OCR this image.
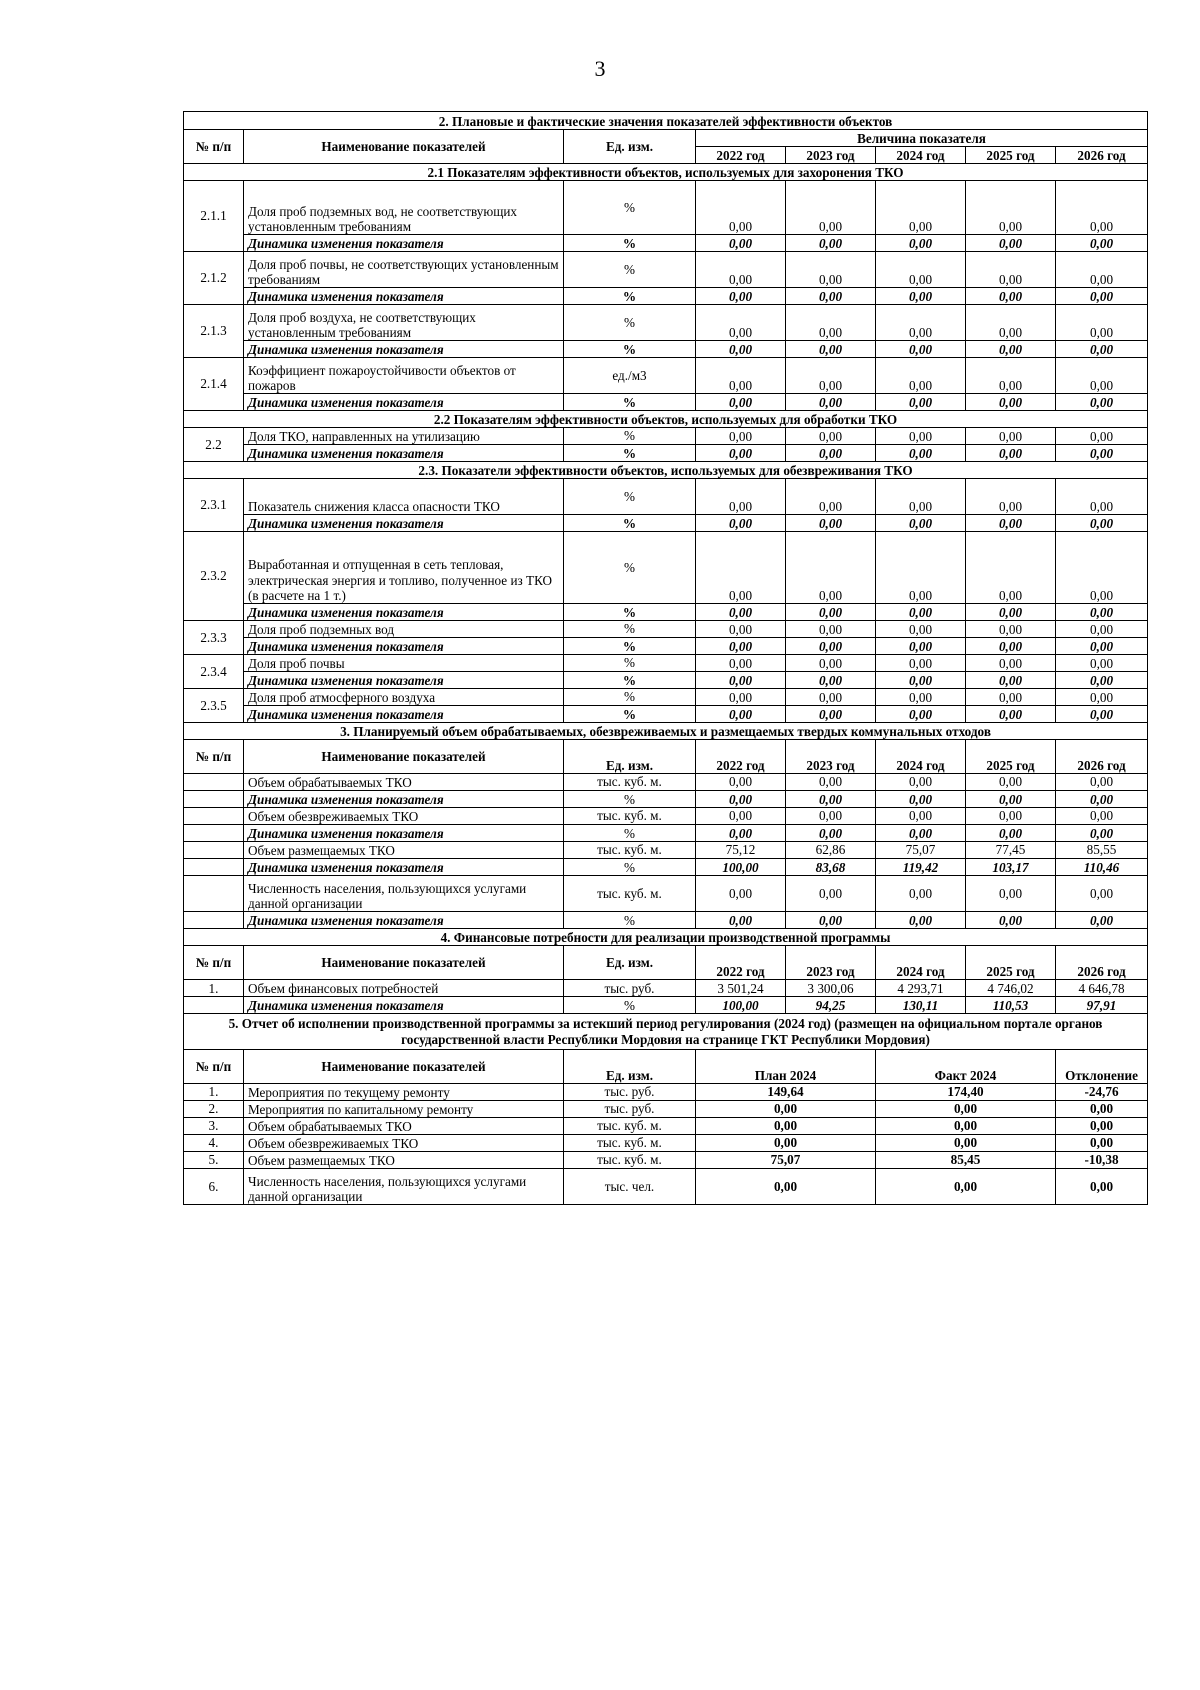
3
2. Плановые и фактические значения показателей эффективности объектов							
№ п/п	Наименование показателей	Ед. изм.	Величина показателя				
			2022 год	2023 год	2024 год	2025 год	2026 год
2.1 Показателям эффективности объектов, используемых для захоронения ТКО							
2.1.1	Доля проб подземных вод, не соответствующих установленным требованиям	%	0,00	0,00	0,00	0,00	0,00
	Динамика изменения показателя	%	0,00	0,00	0,00	0,00	0,00
2.1.2	Доля проб почвы, не соответствующих установленным требованиям	%	0,00	0,00	0,00	0,00	0,00
	Динамика изменения показателя	%	0,00	0,00	0,00	0,00	0,00
2.1.3	Доля проб воздуха, не соответствующих установленным требованиям	%	0,00	0,00	0,00	0,00	0,00
	Динамика изменения показателя	%	0,00	0,00	0,00	0,00	0,00
2.1.4	Коэффициент пожароустойчивости объектов от пожаров	ед./м3	0,00	0,00	0,00	0,00	0,00
	Динамика изменения показателя	%	0,00	0,00	0,00	0,00	0,00
2.2 Показателям эффективности объектов, используемых для обработки ТКО							
2.2	Доля ТКО, направленных на утилизацию	%	0,00	0,00	0,00	0,00	0,00
	Динамика изменения показателя	%	0,00	0,00	0,00	0,00	0,00
2.3. Показатели эффективности объектов, используемых для обезвреживания ТКО							
2.3.1	Показатель снижения класса опасности ТКО	%	0,00	0,00	0,00	0,00	0,00
	Динамика изменения показателя	%	0,00	0,00	0,00	0,00	0,00
2.3.2	Выработанная и отпущенная в сеть тепловая, электрическая энергия и топливо, полученное из ТКО (в расчете на 1 т.)	%	0,00	0,00	0,00	0,00	0,00
	Динамика изменения показателя	%	0,00	0,00	0,00	0,00	0,00
2.3.3	Доля проб подземных вод	%	0,00	0,00	0,00	0,00	0,00
	Динамика изменения показателя	%	0,00	0,00	0,00	0,00	0,00
2.3.4	Доля проб почвы	%	0,00	0,00	0,00	0,00	0,00
	Динамика изменения показателя	%	0,00	0,00	0,00	0,00	0,00
2.3.5	Доля проб атмосферного воздуха	%	0,00	0,00	0,00	0,00	0,00
	Динамика изменения показателя	%	0,00	0,00	0,00	0,00	0,00
3. Планируемый объем обрабатываемых, обезвреживаемых и размещаемых твердых коммунальных отходов							
№ п/п	Наименование показателей	Ед. изм.	2022 год	2023 год	2024 год	2025 год	2026 год
	Объем обрабатываемых ТКО	тыс. куб. м.	0,00	0,00	0,00	0,00	0,00
	Динамика изменения показателя	%	0,00	0,00	0,00	0,00	0,00
	Объем обезвреживаемых ТКО	тыс. куб. м.	0,00	0,00	0,00	0,00	0,00
	Динамика изменения показателя	%	0,00	0,00	0,00	0,00	0,00
	Объем размещаемых ТКО	тыс. куб. м.	75,12	62,86	75,07	77,45	85,55
	Динамика изменения показателя	%	100,00	83,68	119,42	103,17	110,46
	Численность населения, пользующихся услугами данной организации	тыс. куб. м.	0,00	0,00	0,00	0,00	0,00
	Динамика изменения показателя	%	0,00	0,00	0,00	0,00	0,00
4. Финансовые потребности для реализации производственной программы							
№ п/п	Наименование показателей	Ед. изм.	2022 год	2023 год	2024 год	2025 год	2026 год
1.	Объем финансовых потребностей	тыс. руб.	3 501,24	3 300,06	4 293,71	4 746,02	4 646,78
	Динамика изменения показателя	%	100,00	94,25	130,11	110,53	97,91
5. Отчет об исполнении производственной программы за истекший период регулирования (2024 год) (размещен на официальном портале органов государственной власти Республики Мордовия на странице ГКТ Республики Мордовия)							
№ п/п	Наименование показателей	Ед. изм.	План 2024		Факт 2024		Отклонение
1.	Мероприятия по текущему ремонту	тыс. руб.	149,64		174,40		-24,76
2.	Мероприятия по капитальному ремонту	тыс. руб.	0,00		0,00		0,00
3.	Объем обрабатываемых ТКО	тыс. куб. м.	0,00		0,00		0,00
4.	Объем обезвреживаемых ТКО	тыс. куб. м.	0,00		0,00		0,00
5.	Объем размещаемых ТКО	тыс. куб. м.	75,07		85,45		-10,38
6.	Численность населения, пользующихся услугами данной организации	тыс. чел.	0,00		0,00		0,00
